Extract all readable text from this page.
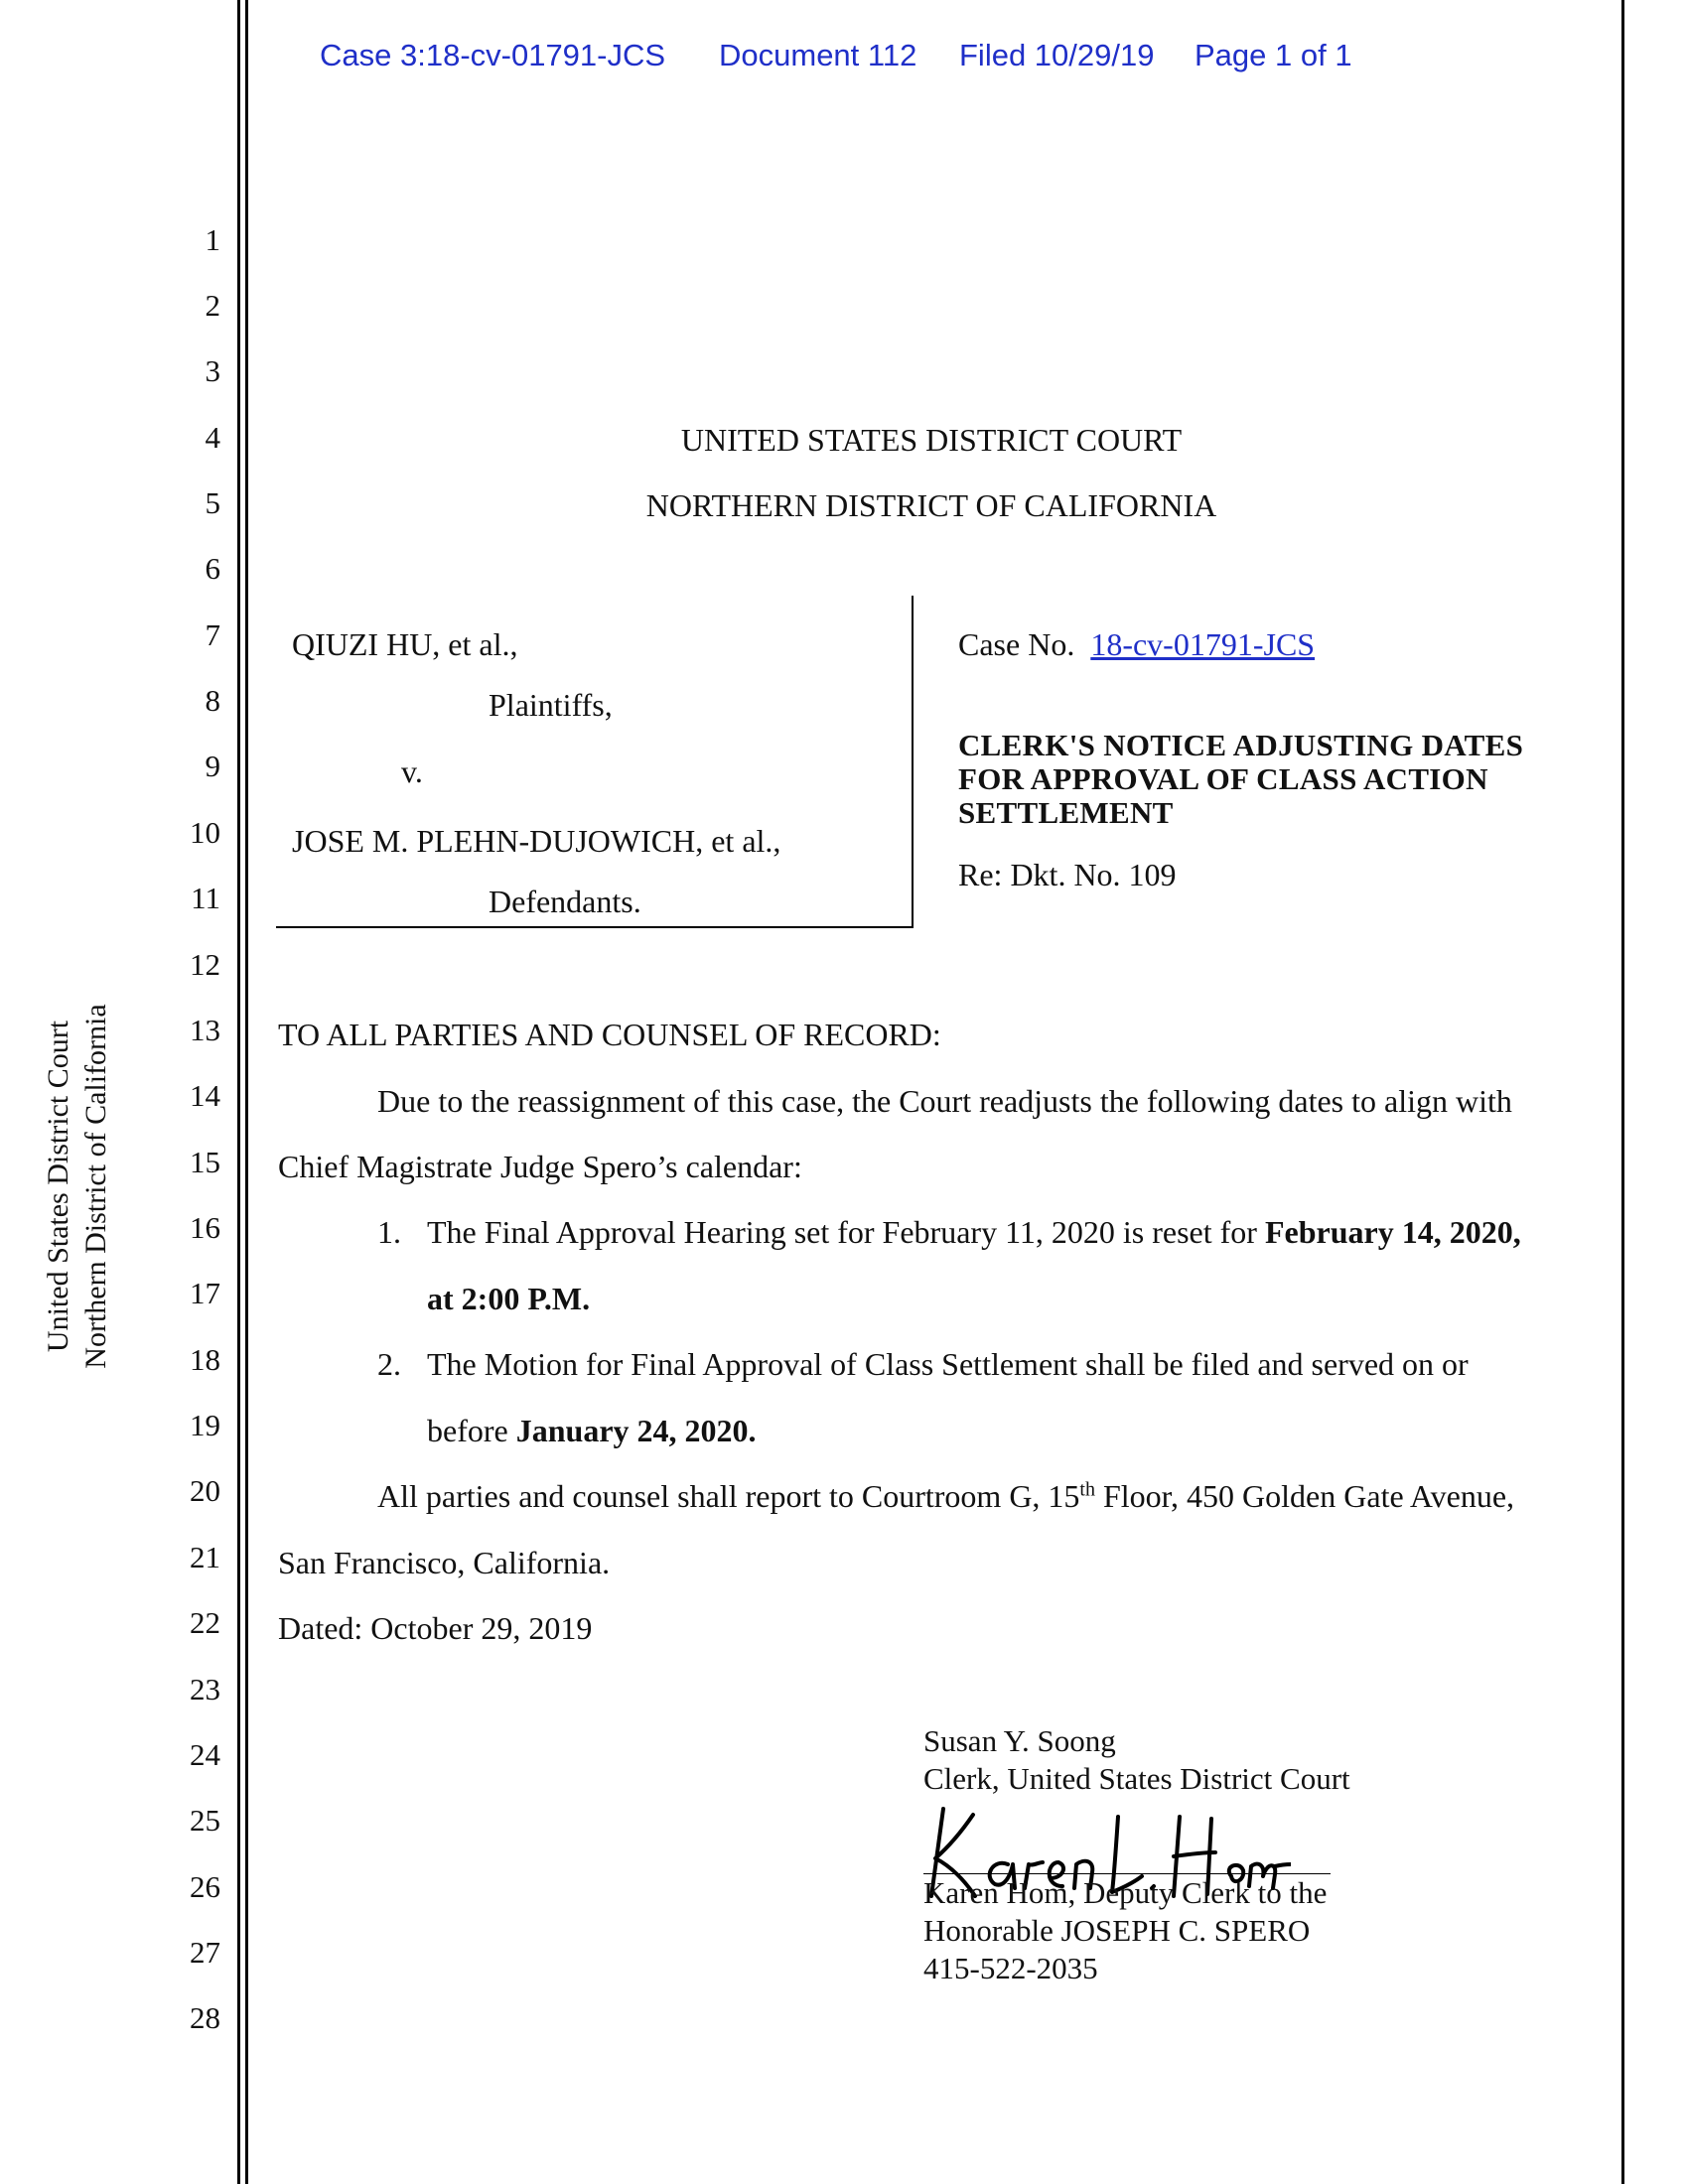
Case 3:18-cv-01791-JCS Document 112 Filed 10/29/19 Page 1 of 1
United States District Court Northern District of California
1
2
3
4
5
6
7
8
9
10
11
12
13
14
15
16
17
18
19
20
21
22
23
24
25
26
27
28
UNITED STATES DISTRICT COURT
NORTHERN DISTRICT OF CALIFORNIA
QIUZI HU, et al.,
Plaintiffs,
v.
JOSE M. PLEHN-DUJOWICH, et al.,
Defendants.
Case No. 18-cv-01791-JCS
CLERK'S NOTICE ADJUSTING DATES
FOR APPROVAL OF CLASS ACTION
SETTLEMENT
Re: Dkt. No. 109
TO ALL PARTIES AND COUNSEL OF RECORD:
Due to the reassignment of this case, the Court readjusts the following dates to align with
Chief Magistrate Judge Spero’s calendar:
1. The Final Approval Hearing set for February 11, 2020 is reset for February 14, 2020,
at 2:00 P.M.
2. The Motion for Final Approval of Class Settlement shall be filed and served on or
before January 24, 2020.
All parties and counsel shall report to Courtroom G, 15th Floor, 450 Golden Gate Avenue,
San Francisco, California.
Dated: October 29, 2019
Susan Y. Soong
Clerk, United States District Court
Karen Hom, Deputy Clerk to the
Honorable JOSEPH C. SPERO
415-522-2035
